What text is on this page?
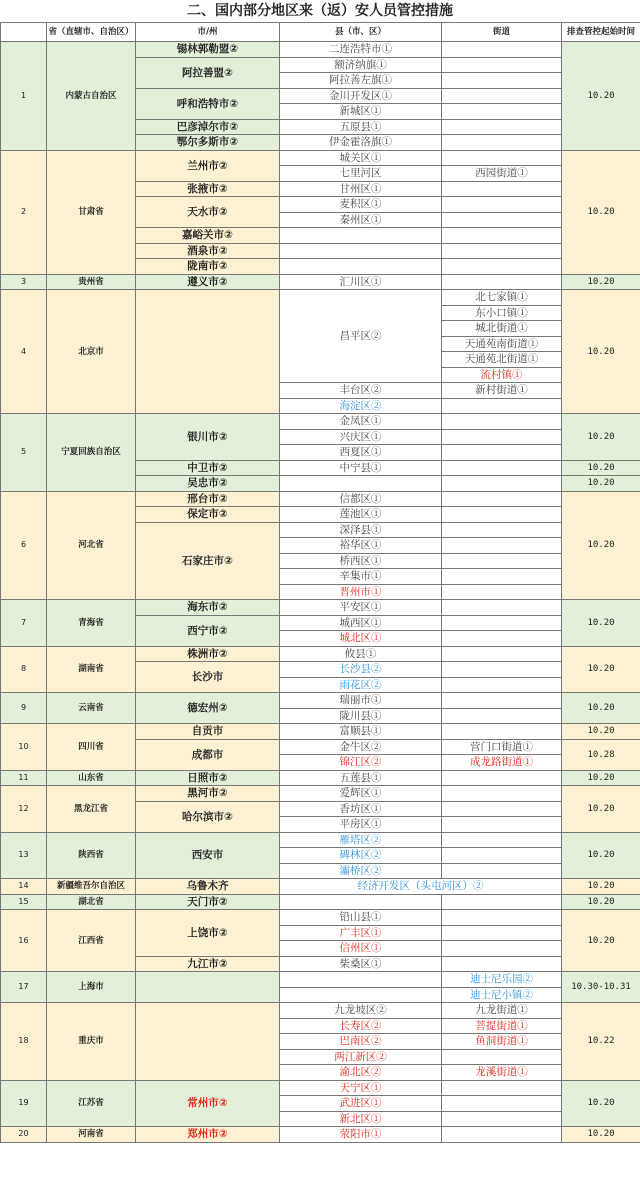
二、国内部分地区来（返）安人员管控措施
	省（直辖市、自治区）	市/州	县（市、区）	街道	排查管控起始时间
1	内蒙古自治区	锡林郭勒盟②	二连浩特市①		10.20
		阿拉善盟②	额济纳旗①		
			阿拉善左旗①		
		呼和浩特市②	金川开发区①		
			新城区①		
		巴彦淖尔市②	五原县①		
		鄂尔多斯市②	伊金霍洛旗①		
2	甘肃省	兰州市②	城关区①		10.20
			七里河区	西园街道①	
		张掖市②	甘州区①		
		天水市②	麦积区①		
			秦州区①		
		嘉峪关市②			
		酒泉市②			
		陇南市②			
3	贵州省	遵义市②	汇川区①		10.20
4	北京市		昌平区②	北七家镇①	10.20
				东小口镇①	
				城北街道①	
				天通苑南街道①	
				天通苑北街道①	
				流村镇①	
			丰台区②	新村街道①	
			海淀区②		
5	宁夏回族自治区	银川市②	金凤区①		10.20
			兴庆区①		
			西夏区①		
		中卫市②	中宁县①		10.20
		吴忠市②			10.20
6	河北省	邢台市②	信都区①		10.20
		保定市②	莲池区①		
		石家庄市②	深泽县①		
			裕华区①		
			桥西区①		
			辛集市①		
			晋州市①		
7	青海省	海东市②	平安区①		10.20
		西宁市②	城西区①		
			城北区①		
8	湖南省	株洲市②	攸县①		10.20
		长沙市	长沙县②		
			雨花区②		
9	云南省	德宏州②	瑞丽市①		10.20
			陇川县①		
10	四川省	自贡市	富顺县①		10.20
		成都市	金牛区②	营门口街道①	10.28
			锦江区②	成龙路街道①	
11	山东省	日照市②	五莲县①		10.20
12	黑龙江省	黑河市②	爱辉区①		10.20
		哈尔滨市②	香坊区①		
			平房区①		
13	陕西省	西安市	雁塔区②		10.20
			碑林区②		
			灞桥区②		
14	新疆维吾尔自治区	乌鲁木齐	经济开发区（头屯河区）②		10.20
15	湖北省	天门市②			10.20
16	江西省	上饶市②	铅山县①		10.20
			广丰区①		
			信州区①		
		九江市②	柴桑区①		
17	上海市			迪士尼乐园②	10.30-10.31
				迪士尼小镇②	
18	重庆市		九龙坡区②	九龙街道①	10.22
			长寿区②	菩提街道①	
			巴南区②	鱼洞街道①	
			两江新区②		
			渝北区②	龙溪街道①	
19	江苏省	常州市②	天宁区①		10.20
			武进区①		
			新北区①		
20	河南省	郑州市②	荥阳市①		10.20
